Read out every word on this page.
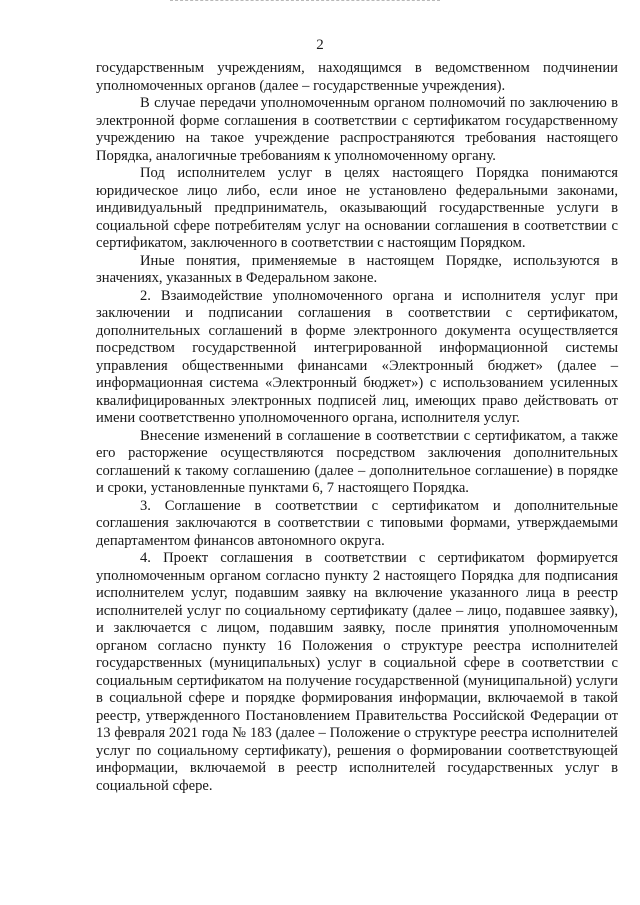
2

государственным учреждениям, находящимся в ведомственном подчинении уполномоченных органов (далее – государственные учреждения).

В случае передачи уполномоченным органом полномочий по заключению в электронной форме соглашения в соответствии с сертификатом государственному учреждению на такое учреждение распространяются требования настоящего Порядка, аналогичные требованиям к уполномоченному органу.

Под исполнителем услуг в целях настоящего Порядка понимаются юридическое лицо либо, если иное не установлено федеральными законами, индивидуальный предприниматель, оказывающий государственные услуги в социальной сфере потребителям услуг на основании соглашения в соответствии с сертификатом, заключенного в соответствии с настоящим Порядком.

Иные понятия, применяемые в настоящем Порядке, используются в значениях, указанных в Федеральном законе.

2. Взаимодействие уполномоченного органа и исполнителя услуг при заключении и подписании соглашения в соответствии с сертификатом, дополнительных соглашений в форме электронного документа осуществляется посредством государственной интегрированной информационной системы управления общественными финансами «Электронный бюджет» (далее – информационная система «Электронный бюджет») с использованием усиленных квалифицированных электронных подписей лиц, имеющих право действовать от имени соответственно уполномоченного органа, исполнителя услуг.

Внесение изменений в соглашение в соответствии с сертификатом, а также его расторжение осуществляются посредством заключения дополнительных соглашений к такому соглашению (далее – дополнительное соглашение) в порядке и сроки, установленные пунктами 6, 7 настоящего Порядка.

3. Соглашение в соответствии с сертификатом и дополнительные соглашения заключаются в соответствии с типовыми формами, утверждаемыми департаментом финансов автономного округа.

4. Проект соглашения в соответствии с сертификатом формируется уполномоченным органом согласно пункту 2 настоящего Порядка для подписания исполнителем услуг, подавшим заявку на включение указанного лица в реестр исполнителей услуг по социальному сертификату (далее – лицо, подавшее заявку), и заключается с лицом, подавшим заявку, после принятия уполномоченным органом согласно пункту 16 Положения о структуре реестра исполнителей государственных (муниципальных) услуг в социальной сфере в соответствии с социальным сертификатом на получение государственной (муниципальной) услуги в социальной сфере и порядке формирования информации, включаемой в такой реестр, утвержденного Постановлением Правительства Российской Федерации от 13 февраля 2021 года № 183 (далее – Положение о структуре реестра исполнителей услуг по социальному сертификату), решения о формировании соответствующей информации, включаемой в реестр исполнителей государственных услуг в социальной сфере.
